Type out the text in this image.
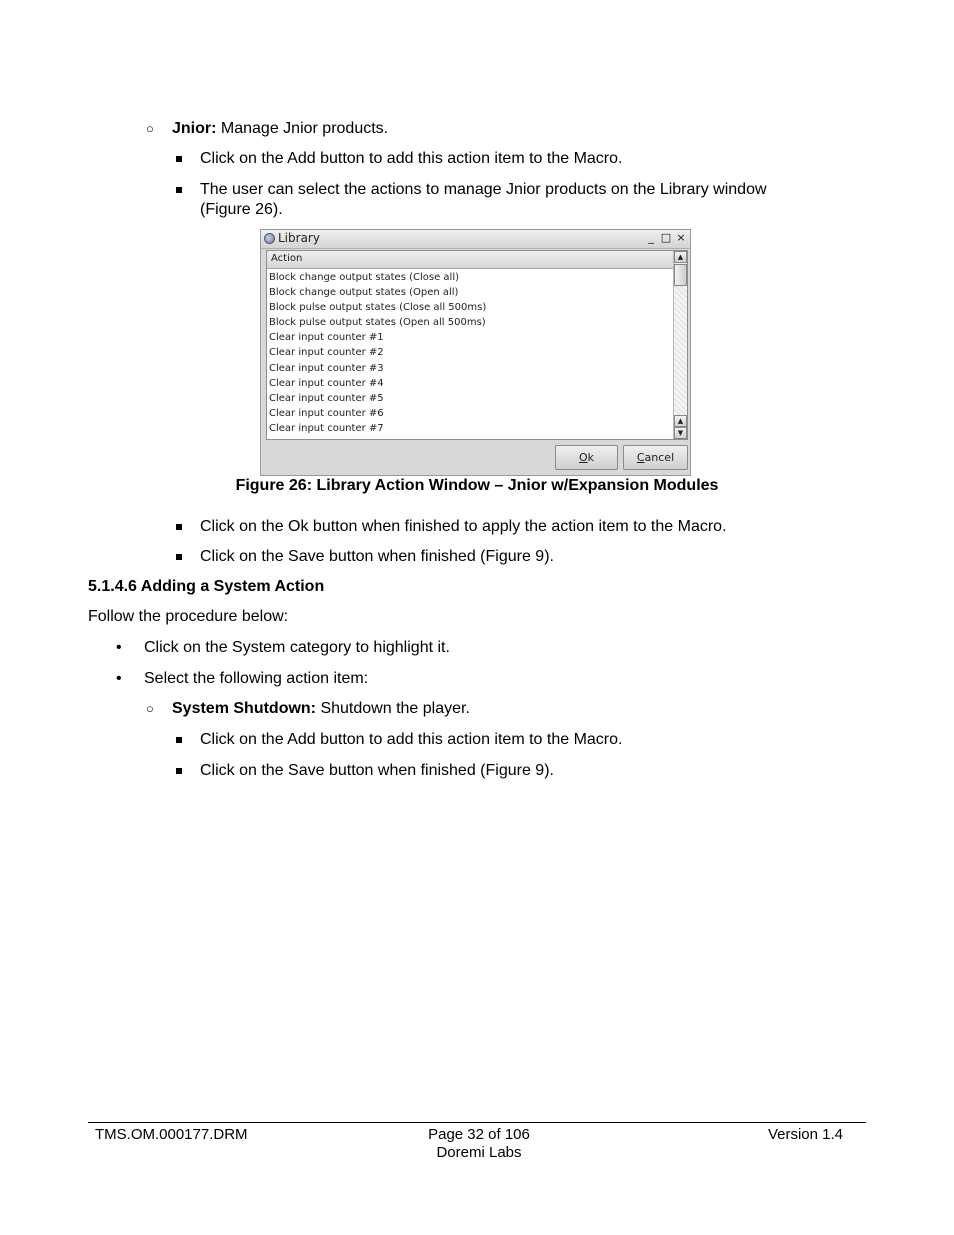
○ Jnior: Manage Jnior products.
Click on the Add button to add this action item to the Macro.
The user can select the actions to manage Jnior products on the Library window
(Figure 26).
Library	_ □ ×
Action
Block change output states (Close all)
Block change output states (Open all)
Block pulse output states (Close all 500ms)
Block pulse output states (Open all 500ms)
Clear input counter #1
Clear input counter #2
Clear input counter #3
Clear input counter #4
Clear input counter #5
Clear input counter #6
Clear input counter #7
▲
▲
▼
Ok	Cancel
Figure 26: Library Action Window – Jnior w/Expansion Modules
Click on the Ok button when finished to apply the action item to the Macro.
Click on the Save button when finished (Figure 9).
5.1.4.6 Adding a System Action
Follow the procedure below:
• Click on the System category to highlight it.
• Select the following action item:
○ System Shutdown: Shutdown the player.
Click on the Add button to add this action item to the Macro.
Click on the Save button when finished (Figure 9).
TMS.OM.000177.DRM	Page 32 of 106
Doremi Labs
Version 1.4
